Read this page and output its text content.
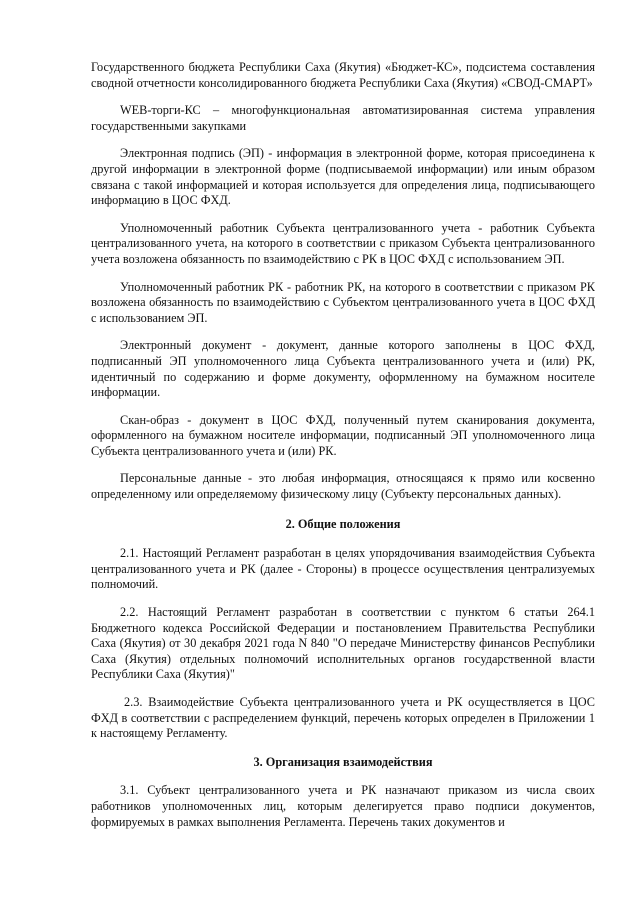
Государственного бюджета Республики Саха (Якутия) «Бюджет-КС», подсистема составления сводной отчетности консолидированного бюджета Республики Саха (Якутия) «СВОД-СМАРТ»

WEB-торги-КС – многофункциональная автоматизированная система управления государственными закупками

Электронная подпись (ЭП) - информация в электронной форме, которая присоединена к другой информации в электронной форме (подписываемой информации) или иным образом связана с такой информацией и которая используется для определения лица, подписывающего информацию в ЦОС ФХД.

Уполномоченный работник Субъекта централизованного учета - работник Субъекта централизованного учета, на которого в соответствии с приказом Субъекта централизованного учета возложена обязанность по взаимодействию с РК в ЦОС ФХД с использованием ЭП.

Уполномоченный работник РК - работник РК, на которого в соответствии с приказом РК возложена обязанность по взаимодействию с Субъектом централизованного учета в ЦОС ФХД с использованием ЭП.

Электронный документ - документ, данные которого заполнены в ЦОС ФХД, подписанный ЭП уполномоченного лица Субъекта централизованного учета и (или) РК, идентичный по содержанию и форме документу, оформленному на бумажном носителе информации.

Скан-образ - документ в ЦОС ФХД, полученный путем сканирования документа, оформленного на бумажном носителе информации, подписанный ЭП уполномоченного лица Субъекта централизованного учета и (или) РК.

Персональные данные - это любая информация, относящаяся к прямо или косвенно определенному или определяемому физическому лицу (Субъекту персональных данных).

2. Общие положения

2.1. Настоящий Регламент разработан в целях упорядочивания взаимодействия Субъекта централизованного учета и РК (далее - Стороны) в процессе осуществления централизуемых полномочий.

2.2. Настоящий Регламент разработан в соответствии с пунктом 6 статьи 264.1 Бюджетного кодекса Российской Федерации и постановлением Правительства Республики Саха (Якутия) от 30 декабря 2021 года N 840 "О передаче Министерству финансов Республики Саха (Якутия) отдельных полномочий исполнительных органов государственной власти Республики Саха (Якутия)"

2.3. Взаимодействие Субъекта централизованного учета и РК осуществляется в ЦОС ФХД в соответствии с распределением функций, перечень которых определен в Приложении 1 к настоящему Регламенту.

3. Организация взаимодействия

3.1. Субъект централизованного учета и РК назначают приказом из числа своих работников уполномоченных лиц, которым делегируется право подписи документов, формируемых в рамках выполнения Регламента. Перечень таких документов и
